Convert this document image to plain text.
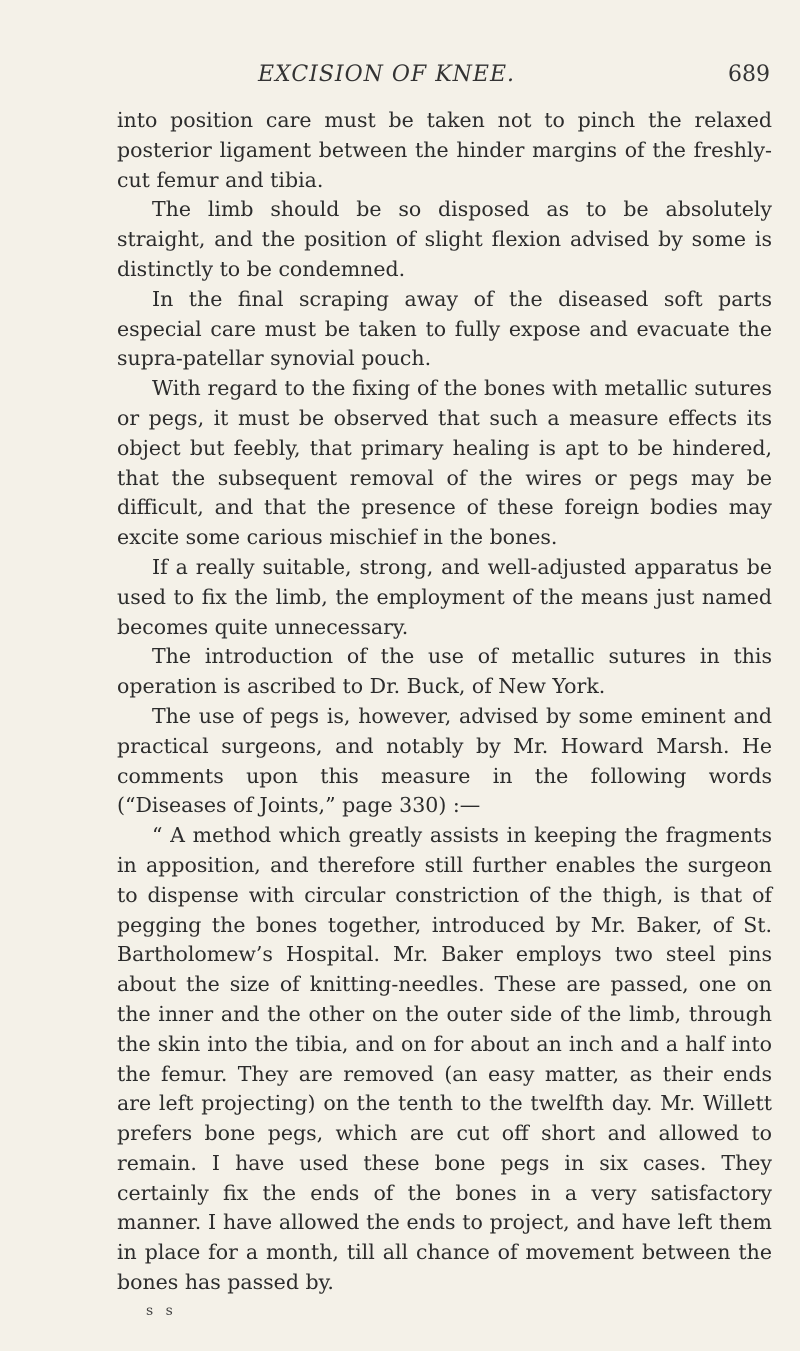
EXCISION OF KNEE.	689

into position care must be taken not to pinch the relaxed posterior ligament between the hinder margins of the freshly-cut femur and tibia.

The limb should be so disposed as to be absolutely straight, and the position of slight flexion advised by some is distinctly to be condemned.

In the final scraping away of the diseased soft parts especial care must be taken to fully expose and evacuate the supra-patellar synovial pouch.

With regard to the fixing of the bones with metallic sutures or pegs, it must be observed that such a measure effects its object but feebly, that primary healing is apt to be hindered, that the subsequent removal of the wires or pegs may be difficult, and that the presence of these foreign bodies may excite some carious mischief in the bones.

If a really suitable, strong, and well-adjusted apparatus be used to fix the limb, the employment of the means just named becomes quite unnecessary.

The introduction of the use of metallic sutures in this operation is ascribed to Dr. Buck, of New York.

The use of pegs is, however, advised by some eminent and practical surgeons, and notably by Mr. Howard Marsh. He comments upon this measure in the following words (“Diseases of Joints,” page 330) :—

“ A method which greatly assists in keeping the fragments in apposition, and therefore still further enables the surgeon to dispense with circular constriction of the thigh, is that of pegging the bones together, introduced by Mr. Baker, of St. Bartholomew’s Hospital. Mr. Baker employs two steel pins about the size of knitting-needles. These are passed, one on the inner and the other on the outer side of the limb, through the skin into the tibia, and on for about an inch and a half into the femur. They are removed (an easy matter, as their ends are left projecting) on the tenth to the twelfth day. Mr. Willett prefers bone pegs, which are cut off short and allowed to remain. I have used these bone pegs in six cases. They certainly fix the ends of the bones in a very satisfactory manner. I have allowed the ends to project, and have left them in place for a month, till all chance of movement between the bones has passed by.

s s
